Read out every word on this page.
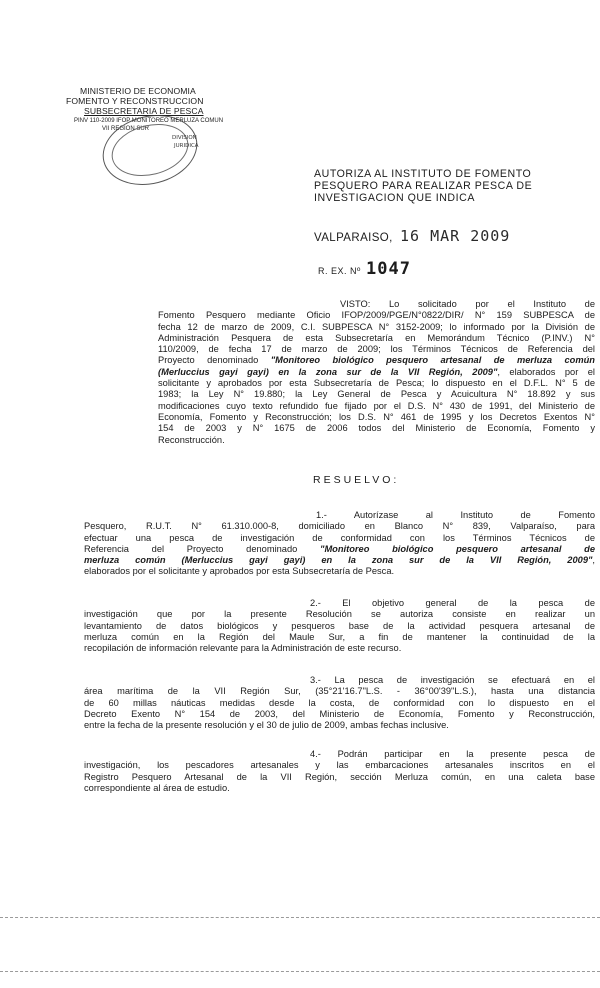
MINISTERIO DE ECONOMIA
FOMENTO Y RECONSTRUCCION
SUBSECRETARIA DE PESCA
PINV 110-2009 IFOP MONITOREO MERLUZA COMUN
VII REGION SUR
DIVISION
JURIDICA
AUTORIZA AL INSTITUTO DE FOMENTO
PESQUERO PARA REALIZAR PESCA DE
INVESTIGACION QUE INDICA
VALPARAISO, 16 MAR 2009
R. EX. Nº 1047
VISTO: Lo solicitado por el Instituto de
Fomento Pesquero mediante Oficio IFOP/2009/PGE/N°0822/DIR/ N° 159 SUBPESCA de
fecha 12 de marzo de 2009, C.I. SUBPESCA N° 3152-2009; lo informado por la División de
Administración Pesquera de esta Subsecretaría en Memorándum Técnico (P.INV.) N°
110/2009, de fecha 17 de marzo de 2009; los Términos Técnicos de Referencia del
Proyecto denominado "Monitoreo biológico pesquero artesanal de merluza común
(Merluccius gayi gayi) en la zona sur de la VII Región, 2009", elaborados por el
solicitante y aprobados por esta Subsecretaría de Pesca; lo dispuesto en el D.F.L. N° 5 de
1983; la Ley N° 19.880; la Ley General de Pesca y Acuicultura N° 18.892 y sus
modificaciones cuyo texto refundido fue fijado por el D.S. N° 430 de 1991, del Ministerio de
Economía, Fomento y Reconstrucción; los D.S. N° 461 de 1995 y los Decretos Exentos N°
154 de 2003 y N° 1675 de 2006 todos del Ministerio de Economía, Fomento y
Reconstrucción.
RESUELVO:
1.- Autorízase al Instituto de Fomento
Pesquero, R.U.T. N° 61.310.000-8, domiciliado en Blanco N° 839, Valparaíso, para
efectuar una pesca de investigación de conformidad con los Términos Técnicos de
Referencia del Proyecto denominado "Monitoreo biológico pesquero artesanal de
merluza común (Merluccius gayi gayi) en la zona sur de la VII Región, 2009",
elaborados por el solicitante y aprobados por esta Subsecretaría de Pesca.
2.- El objetivo general de la pesca de
investigación que por la presente Resolución se autoriza consiste en realizar un
levantamiento de datos biológicos y pesqueros base de la actividad pesquera artesanal de
merluza común en la Región del Maule Sur, a fin de mantener la continuidad de la
recopilación de información relevante para la Administración de este recurso.
3.- La pesca de investigación se efectuará en el
área marítima de la VII Región Sur, (35°21'16.7"L.S. - 36°00'39"L.S.), hasta una distancia
de 60 millas náuticas medidas desde la costa, de conformidad con lo dispuesto en el
Decreto Exento N° 154 de 2003, del Ministerio de Economía, Fomento y Reconstrucción,
entre la fecha de la presente resolución y el 30 de julio de 2009, ambas fechas inclusive.
4.- Podrán participar en la presente pesca de
investigación, los pescadores artesanales y las embarcaciones artesanales inscritos en el
Registro Pesquero Artesanal de la VII Región, sección Merluza común, en una caleta base
correspondiente al área de estudio.
